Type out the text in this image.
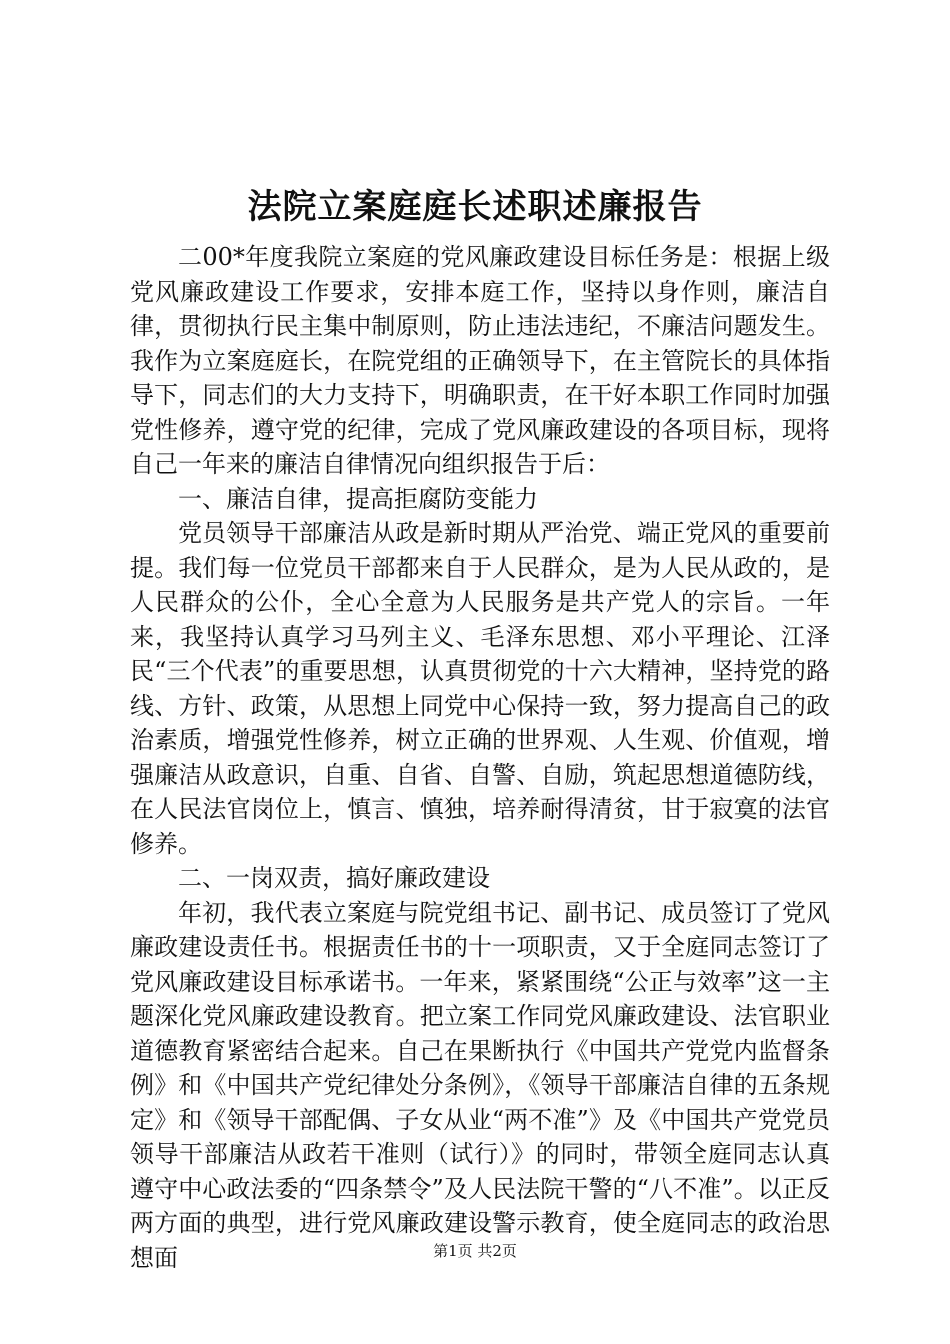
法院立案庭庭长述职述廉报告

二00*年度我院立案庭的党风廉政建设目标任务是：根据上级党风廉政建设工作要求，安排本庭工作，坚持以身作则，廉洁自律，贯彻执行民主集中制原则，防止违法违纪，不廉洁问题发生。我作为立案庭庭长，在院党组的正确领导下，在主管院长的具体指导下，同志们的大力支持下，明确职责，在干好本职工作同时加强党性修养，遵守党的纪律，完成了党风廉政建设的各项目标，现将自己一年来的廉洁自律情况向组织报告于后：

一、廉洁自律，提高拒腐防变能力

党员领导干部廉洁从政是新时期从严治党、端正党风的重要前提。我们每一位党员干部都来自于人民群众，是为人民从政的，是人民群众的公仆，全心全意为人民服务是共产党人的宗旨。一年来，我坚持认真学习马列主义、毛泽东思想、邓小平理论、江泽民“三个代表”的重要思想，认真贯彻党的十六大精神，坚持党的路线、方针、政策，从思想上同党中心保持一致，努力提高自己的政治素质，增强党性修养，树立正确的世界观、人生观、价值观，增强廉洁从政意识，自重、自省、自警、自励，筑起思想道德防线，在人民法官岗位上，慎言、慎独，培养耐得清贫，甘于寂寞的法官修养。

二、一岗双责，搞好廉政建设

年初，我代表立案庭与院党组书记、副书记、成员签订了党风廉政建设责任书。根据责任书的十一项职责，又于全庭同志签订了党风廉政建设目标承诺书。一年来，紧紧围绕“公正与效率”这一主题深化党风廉政建设教育。把立案工作同党风廉政建设、法官职业道德教育紧密结合起来。自己在果断执行《中国共产党党内监督条例》和《中国共产党纪律处分条例》，《领导干部廉洁自律的五条规定》和《领导干部配偶、子女从业“两不准”》及《中国共产党党员领导干部廉洁从政若干准则（试行）》的同时，带领全庭同志认真遵守中心政法委的“四条禁令”及人民法院干警的“八不准”。以正反两方面的典型，进行党风廉政建设警示教育，使全庭同志的政治思想面	第1页 共2页
